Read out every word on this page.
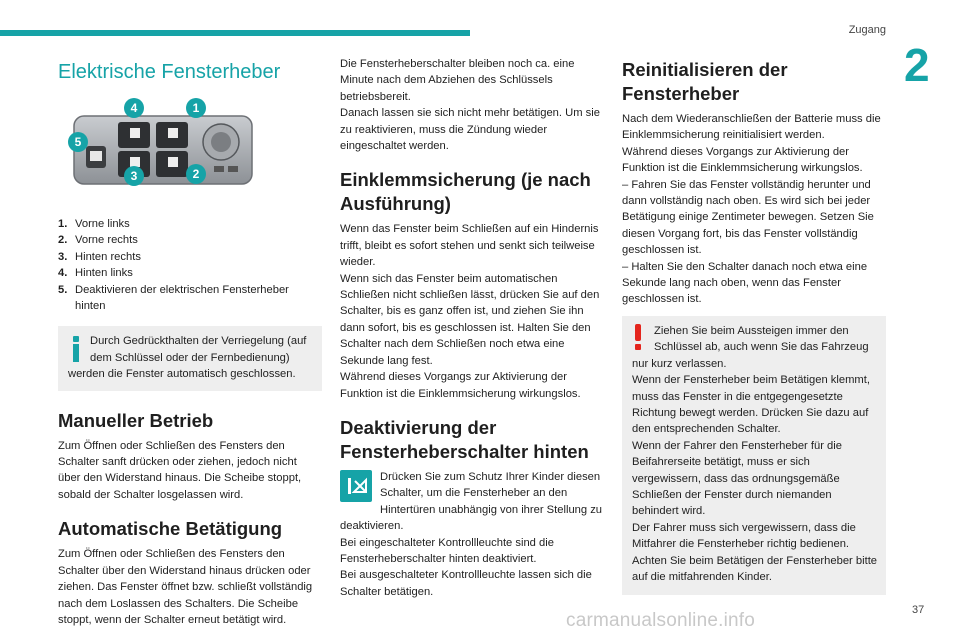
Zugang
2
Elektrische Fensterheber
1
2
3
4
5
1. Vorne links
2. Vorne rechts
3. Hinten rechts
4. Hinten links
5. Deaktivieren der elektrischen Fensterheber hinten
Durch Gedrückthalten der Verriegelung (auf
dem Schlüssel oder der Fernbedienung)
werden die Fenster automatisch geschlossen.
Manueller Betrieb

Zum Öffnen oder Schließen des Fensters den Schalter sanft drücken oder ziehen, jedoch nicht über den Widerstand hinaus. Die Scheibe stoppt, sobald der Schalter losgelassen wird.

Automatische Betätigung

Zum Öffnen oder Schließen des Fensters den Schalter über den Widerstand hinaus drücken oder ziehen. Das Fenster öffnet bzw. schließt vollständig nach dem Loslassen des Schalters. Die Scheibe stoppt, wenn der Schalter erneut betätigt wird.

Die Fensterheberschalter bleiben noch ca. eine Minute nach dem Abziehen des Schlüssels betriebsbereit.

Danach lassen sie sich nicht mehr betätigen. Um sie zu reaktivieren, muss die Zündung wieder eingeschaltet werden.

Einklemmsicherung (je nach Ausführung)

Wenn das Fenster beim Schließen auf ein Hindernis trifft, bleibt es sofort stehen und senkt sich teilweise wieder.

Wenn sich das Fenster beim automatischen Schließen nicht schließen lässt, drücken Sie auf den Schalter, bis es ganz offen ist, und ziehen Sie ihn dann sofort, bis es geschlossen ist. Halten Sie den Schalter nach dem Schließen noch etwa eine Sekunde lang fest.

Während dieses Vorgangs zur Aktivierung der Funktion ist die Einklemmsicherung wirkungslos.

Deaktivierung der Fensterheberschalter hinten

Drücken Sie zum Schutz Ihrer Kinder diesen Schalter, um die Fensterheber an den Hintertüren unabhängig von ihrer Stellung zu deaktivieren.

Bei eingeschalteter Kontrollleuchte sind die Fensterheberschalter hinten deaktiviert.

Bei ausgeschalteter Kontrollleuchte lassen sich die Schalter betätigen.

Reinitialisieren der Fensterheber

Nach dem Wiederanschließen der Batterie muss die Einklemmsicherung reinitialisiert werden.

Während dieses Vorgangs zur Aktivierung der Funktion ist die Einklemmsicherung wirkungslos.

– Fahren Sie das Fenster vollständig herunter und dann vollständig nach oben. Es wird sich bei jeder Betätigung einige Zentimeter bewegen. Setzen Sie diesen Vorgang fort, bis das Fenster vollständig geschlossen ist.

– Halten Sie den Schalter danach noch etwa eine Sekunde lang nach oben, wenn das Fenster geschlossen ist.

Ziehen Sie beim Aussteigen immer den
Schlüssel ab, auch wenn Sie das Fahrzeug
nur kurz verlassen.

Wenn der Fensterheber beim Betätigen klemmt, muss das Fenster in die entgegengesetzte Richtung bewegt werden. Drücken Sie dazu auf den entsprechenden Schalter.

Wenn der Fahrer den Fensterheber für die Beifahrerseite betätigt, muss er sich vergewissern, dass das ordnungsgemäße Schließen der Fenster durch niemanden behindert wird.

Der Fahrer muss sich vergewissern, dass die Mitfahrer die Fensterheber richtig bedienen.

Achten Sie beim Betätigen der Fensterheber bitte auf die mitfahrenden Kinder.

carmanualsonline.info	37
